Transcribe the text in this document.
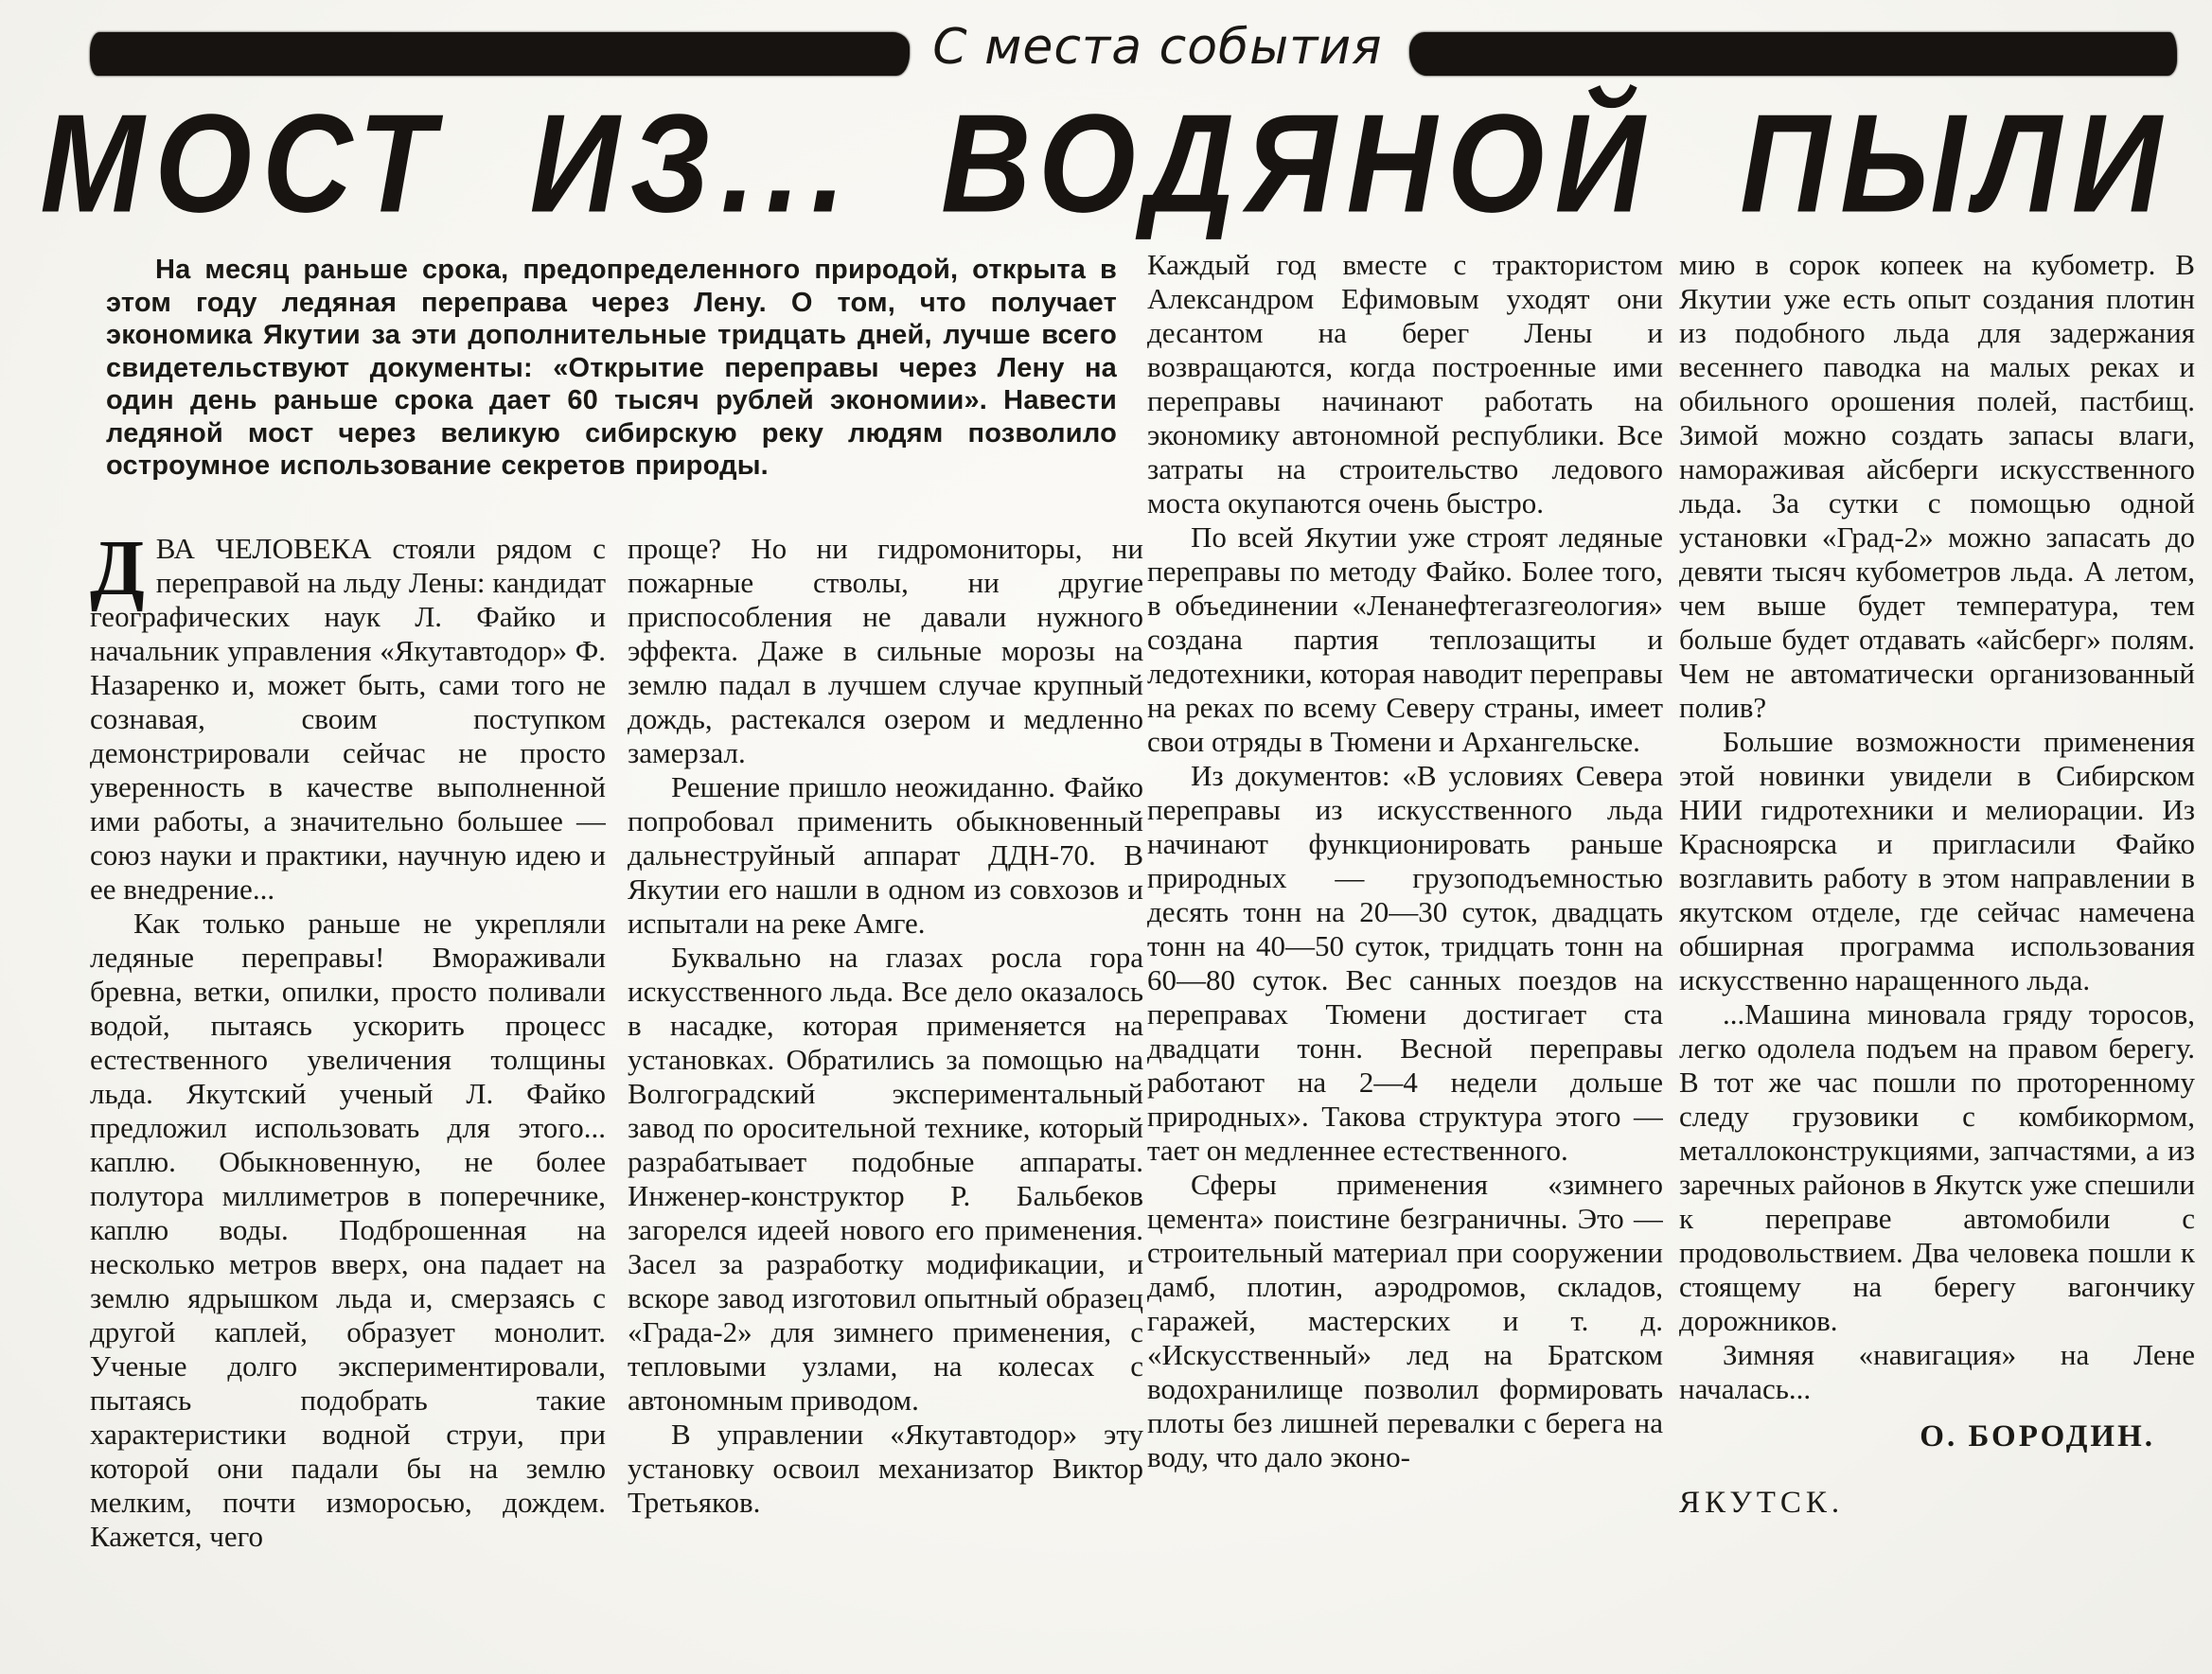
С места события
МОСТ ИЗ... ВОДЯНОЙ ПЫЛИ
На месяц раньше срока, предопределенного природой, открыта в этом году ледяная переправа через Лену. О том, что получает экономика Якутии за эти дополнительные тридцать дней, лучше всего свидетельствуют документы: «Открытие переправы через Лену на один день раньше срока дает 60 тысяч рублей экономии». Навести ледяной мост через великую сибирскую реку людям позволило остроумное использование секретов природы.

ДВА ЧЕЛОВЕКА стояли рядом с переправой на льду Лены: кандидат географических наук Л. Файко и начальник управления «Якутавтодор» Ф. Назаренко и, может быть, сами того не сознавая, своим поступком демонстрировали сейчас не просто уверенность в качестве выполненной ими работы, а значительно большее — союз науки и практики, научную идею и ее внедрение...

Как только раньше не укрепляли ледяные переправы! Вмораживали бревна, ветки, опилки, просто поливали водой, пытаясь ускорить процесс естественного увеличения толщины льда. Якутский ученый Л. Файко предложил использовать для этого... каплю. Обыкновенную, не более полутора миллиметров в поперечнике, каплю воды. Подброшенная на несколько метров вверх, она падает на землю ядрышком льда и, смерзаясь с другой каплей, образует монолит. Ученые долго экспериментировали, пытаясь подобрать такие характеристики водной струи, при которой они падали бы на землю мелким, почти изморосью, дождем. Кажется, чего

проще? Но ни гидромониторы, ни пожарные стволы, ни другие приспособления не давали нужного эффекта. Даже в сильные морозы на землю падал в лучшем случае крупный дождь, растекался озером и медленно замерзал.

Решение пришло неожиданно. Файко попробовал применить обыкновенный дальнеструйный аппарат ДДН-70. В Якутии его нашли в одном из совхозов и испытали на реке Амге.

Буквально на глазах росла гора искусственного льда. Все дело оказалось в насадке, которая применяется на установках. Обратились за помощью на Волгоградский экспериментальный завод по оросительной технике, который разрабатывает подобные аппараты. Инженер-конструктор Р. Бальбеков загорелся идеей нового его применения. Засел за разработку модификации, и вскоре завод изготовил опытный образец «Града-2» для зимнего применения, с тепловыми узлами, на колесах с автономным приводом.

В управлении «Якутавтодор» эту установку освоил механизатор Виктор Третьяков.

Каждый год вместе с трактористом Александром Ефимовым уходят они десантом на берег Лены и возвращаются, когда построенные ими переправы начинают работать на экономику автономной республики. Все затраты на строительство ледового моста окупаются очень быстро.

По всей Якутии уже строят ледяные переправы по методу Файко. Более того, в объединении «Ленанефтегазгеология» создана партия теплозащиты и ледотехники, которая наводит переправы на реках по всему Северу страны, имеет свои отряды в Тюмени и Архангельске.

Из документов: «В условиях Севера переправы из искусственного льда начинают функционировать раньше природных — грузоподъемностью десять тонн на 20—30 суток, двадцать тонн на 40—50 суток, тридцать тонн на 60—80 суток. Вес санных поездов на переправах Тюмени достигает ста двадцати тонн. Весной переправы работают на 2—4 недели дольше природных». Такова структура этого — тает он медленнее естественного.

Сферы применения «зимнего цемента» поистине безграничны. Это — строительный материал при сооружении дамб, плотин, аэродромов, складов, гаражей, мастерских и т. д. «Искусственный» лед на Братском водохранилище позволил формировать плоты без лишней перевалки с берега на воду, что дало эконо-

мию в сорок копеек на кубометр. В Якутии уже есть опыт создания плотин из подобного льда для задержания весеннего паводка на малых реках и обильного орошения полей, пастбищ. Зимой можно создать запасы влаги, намораживая айсберги искусственного льда. За сутки с помощью одной установки «Град-2» можно запасать до девяти тысяч кубометров льда. А летом, чем выше будет температура, тем больше будет отдавать «айсберг» полям. Чем не автоматически организованный полив?

Большие возможности применения этой новинки увидели в Сибирском НИИ гидротехники и мелиорации. Из Красноярска и пригласили Файко возглавить работу в этом направлении в якутском отделе, где сейчас намечена обширная программа использования искусственно наращенного льда.

...Машина миновала гряду торосов, легко одолела подъем на правом берегу. В тот же час пошли по проторенному следу грузовики с комбикормом, металлоконструкциями, запчастями, а из заречных районов в Якутск уже спешили к переправе автомобили с продовольствием. Два человека пошли к стоящему на берегу вагончику дорожников.

Зимняя «навигация» на Лене началась...

О. БОРОДИН.

ЯКУТСК.
